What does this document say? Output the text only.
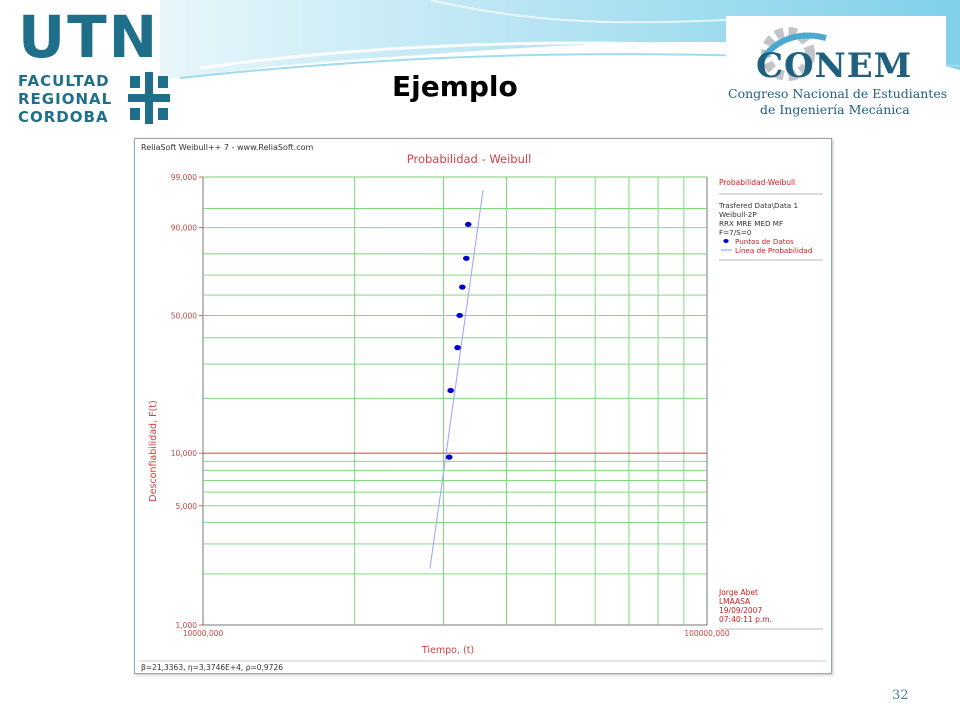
UTN
FACULTAD
REGIONAL
CORDOBA
Ejemplo
CONEM
Congreso Nacional de Estudiantes
de Ingeniería Mecánica
ReliaSoft Weibull++ 7 - www.ReliaSoft.com
Probabilidad - Weibull
1,000
5,000
10,000
50,000
90,000
99,000
10000,000	100000,000
Tiempo, (t)
Desconfiabilidad, F(t)
Probabilidad-Weibull
Trasfered Data\Data 1
Weibull-2P
RRX MRE MED MF
F=7/S=0
Puntos de Datos
Línea de Probabilidad
Jorge Abet
LMAASA
19/09/2007
07:40:11 p.m.
β=21,3363, η=3,3746E+4, ρ=0,9726
32
